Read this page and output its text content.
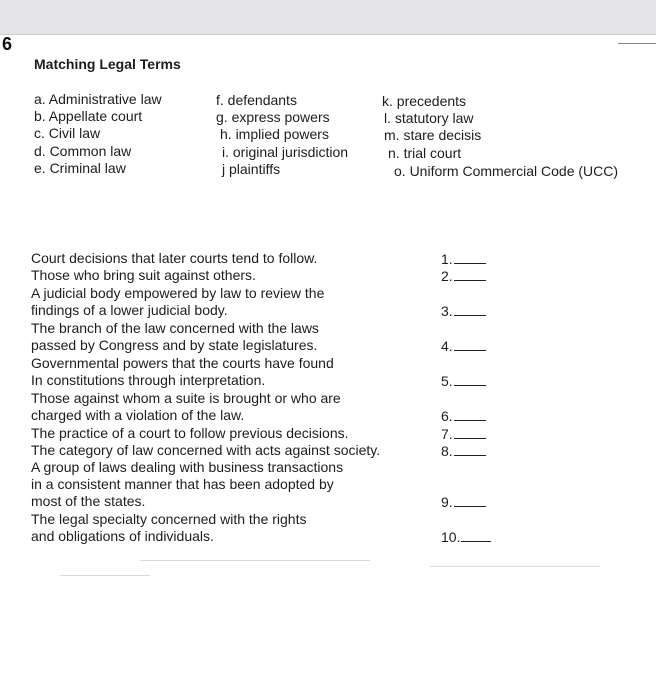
6
Matching Legal Terms
a. Administrative law
b. Appellate court
c. Civil law
d. Common law
e. Criminal law
f. defendants
g. express powers
h. implied powers
i. original jurisdiction
j plaintiffs
k. precedents
l. statutory law
m. stare decisis
n. trial court
o. Uniform Commercial Code (UCC)
Court decisions that later courts tend to follow.
Those who bring suit against others.
A judicial body empowered by law to review the
findings of a lower judicial body.
The branch of the law concerned with the laws
passed by Congress and by state legislatures.
Governmental powers that the courts have found
In constitutions through interpretation.
Those against whom a suite is brought or who are
charged with a violation of the law.
The practice of a court to follow previous decisions.
The category of law concerned with acts against society.
A group of laws dealing with business transactions
in a consistent manner that has been adopted by
most of the states.
The legal specialty concerned with the rights
and obligations of individuals.
1.
2.
3.
4.
5.
6.
7.
8.
9.
10.
